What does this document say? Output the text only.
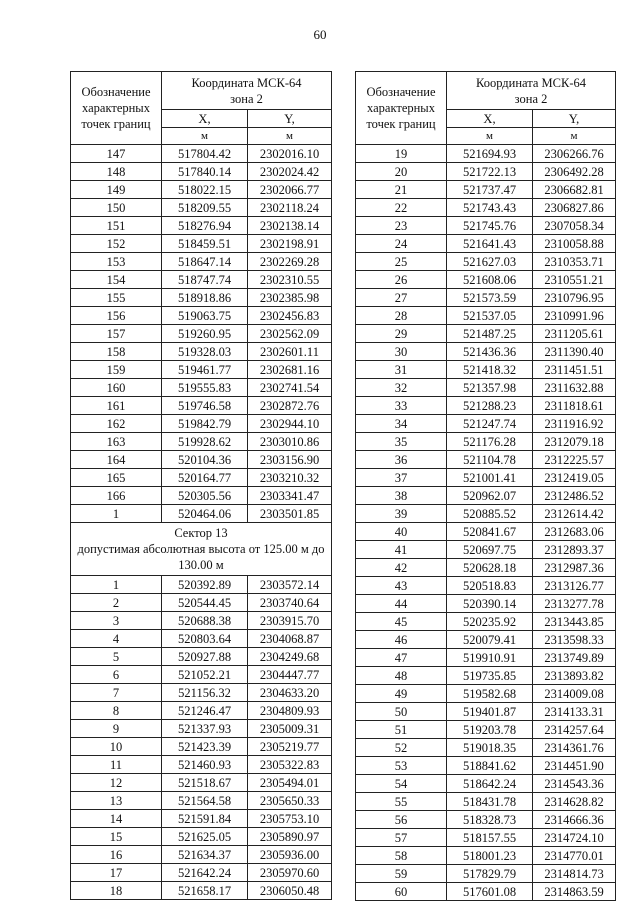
60
Обозначение характерных точек границ	Координата МСК-64 зона 2	
	X,	Y,
	м	м
147	517804.42	2302016.10
148	517840.14	2302024.42
149	518022.15	2302066.77
150	518209.55	2302118.24
151	518276.94	2302138.14
152	518459.51	2302198.91
153	518647.14	2302269.28
154	518747.74	2302310.55
155	518918.86	2302385.98
156	519063.75	2302456.83
157	519260.95	2302562.09
158	519328.03	2302601.11
159	519461.77	2302681.16
160	519555.83	2302741.54
161	519746.58	2302872.76
162	519842.79	2302944.10
163	519928.62	2303010.86
164	520104.36	2303156.90
165	520164.77	2303210.32
166	520305.56	2303341.47
1	520464.06	2303501.85

Сектор 13
допустимая абсолютная высота от 125.00 м до 130.00 м		

1	520392.89	2303572.14
2	520544.45	2303740.64
3	520688.38	2303915.70
4	520803.64	2304068.87
5	520927.88	2304249.68
6	521052.21	2304447.77
7	521156.32	2304633.20
8	521246.47	2304809.93
9	521337.93	2305009.31
10	521423.39	2305219.77
11	521460.93	2305322.83
12	521518.67	2305494.01
13	521564.58	2305650.33
14	521591.84	2305753.10
15	521625.05	2305890.97
16	521634.37	2305936.00
17	521642.24	2305970.60
18	521658.17	2306050.48
Обозначение характерных точек границ	Координата МСК-64 зона 2	
	X,	Y,
	м	м
19	521694.93	2306266.76
20	521722.13	2306492.28
21	521737.47	2306682.81
22	521743.43	2306827.86
23	521745.76	2307058.34
24	521641.43	2310058.88
25	521627.03	2310353.71
26	521608.06	2310551.21
27	521573.59	2310796.95
28	521537.05	2310991.96
29	521487.25	2311205.61
30	521436.36	2311390.40
31	521418.32	2311451.51
32	521357.98	2311632.88
33	521288.23	2311818.61
34	521247.74	2311916.92
35	521176.28	2312079.18
36	521104.78	2312225.57
37	521001.41	2312419.05
38	520962.07	2312486.52
39	520885.52	2312614.42
40	520841.67	2312683.06
41	520697.75	2312893.37
42	520628.18	2312987.36
43	520518.83	2313126.77
44	520390.14	2313277.78
45	520235.92	2313443.85
46	520079.41	2313598.33
47	519910.91	2313749.89
48	519735.85	2313893.82
49	519582.68	2314009.08
50	519401.87	2314133.31
51	519203.78	2314257.64
52	519018.35	2314361.76
53	518841.62	2314451.90
54	518642.24	2314543.36
55	518431.78	2314628.82
56	518328.73	2314666.36
57	518157.55	2314724.10
58	518001.23	2314770.01
59	517829.79	2314814.73
60	517601.08	2314863.59
